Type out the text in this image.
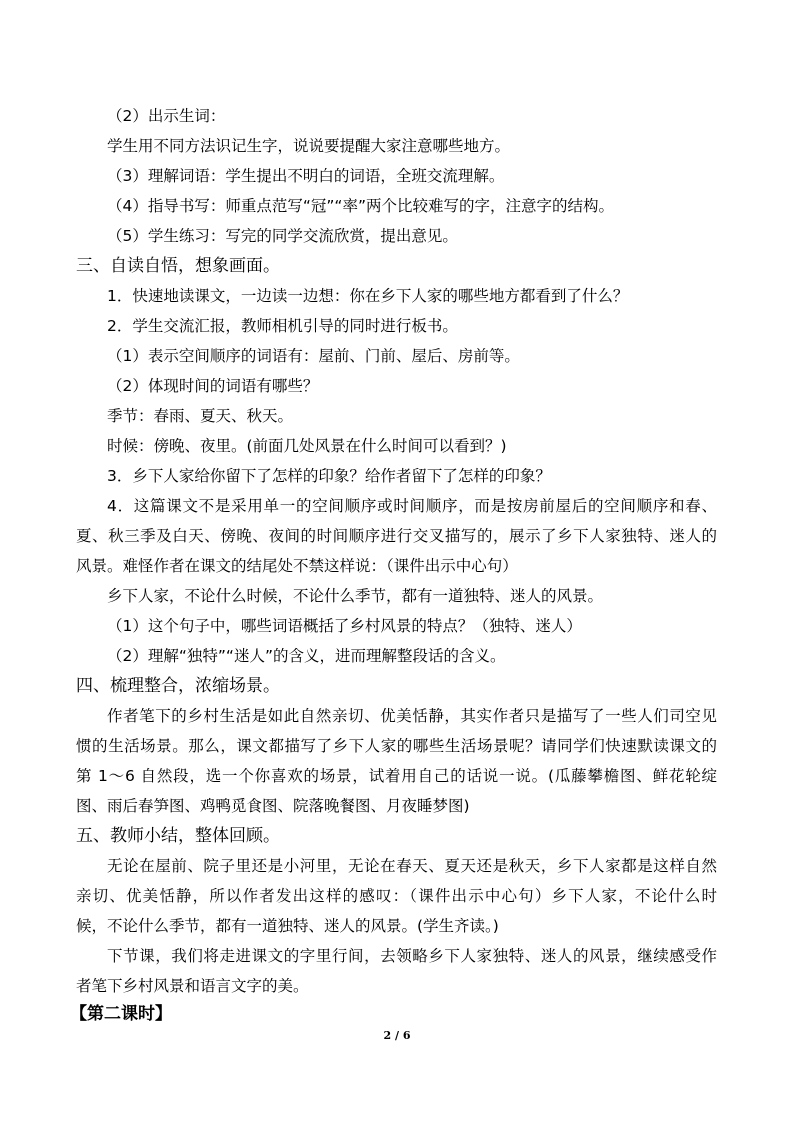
（2）出示生词：
学生用不同方法识记生字，说说要提醒大家注意哪些地方。
（3）理解词语：学生提出不明白的词语，全班交流理解。
（4）指导书写：师重点范写“冠”“率”两个比较难写的字，注意字的结构。
（5）学生练习：写完的同学交流欣赏，提出意见。
三、自读自悟，想象画面。
1．快速地读课文，一边读一边想：你在乡下人家的哪些地方都看到了什么？
2．学生交流汇报，教师相机引导的同时进行板书。
（1）表示空间顺序的词语有：屋前、门前、屋后、房前等。
（2）体现时间的词语有哪些？
季节：春雨、夏天、秋天。
时候：傍晚、夜里。(前面几处风景在什么时间可以看到？)
3．乡下人家给你留下了怎样的印象？给作者留下了怎样的印象？
4．这篇课文不是采用单一的空间顺序或时间顺序，而是按房前屋后的空间顺序和春、
夏、秋三季及白天、傍晚、夜间的时间顺序进行交叉描写的，展示了乡下人家独特、迷人的
风景。难怪作者在课文的结尾处不禁这样说：（课件出示中心句）
乡下人家，不论什么时候，不论什么季节，都有一道独特、迷人的风景。
（1）这个句子中，哪些词语概括了乡村风景的特点？（独特、迷人）
（2）理解“独特”“迷人”的含义，进而理解整段话的含义。
四、梳理整合，浓缩场景。
作者笔下的乡村生活是如此自然亲切、优美恬静，其实作者只是描写了一些人们司空见
惯的生活场景。那么，课文都描写了乡下人家的哪些生活场景呢？请同学们快速默读课文的
第 1～6 自然段，选一个你喜欢的场景，试着用自己的话说一说。(瓜藤攀檐图、鲜花轮绽
图、雨后春笋图、鸡鸭觅食图、院落晚餐图、月夜睡梦图)
五、教师小结，整体回顾。
无论在屋前、院子里还是小河里，无论在春天、夏天还是秋天，乡下人家都是这样自然
亲切、优美恬静，所以作者发出这样的感叹：（课件出示中心句）乡下人家，不论什么时
候，不论什么季节，都有一道独特、迷人的风景。(学生齐读。)
下节课，我们将走进课文的字里行间，去领略乡下人家独特、迷人的风景，继续感受作
者笔下乡村风景和语言文字的美。
【第二课时】
2 / 6
